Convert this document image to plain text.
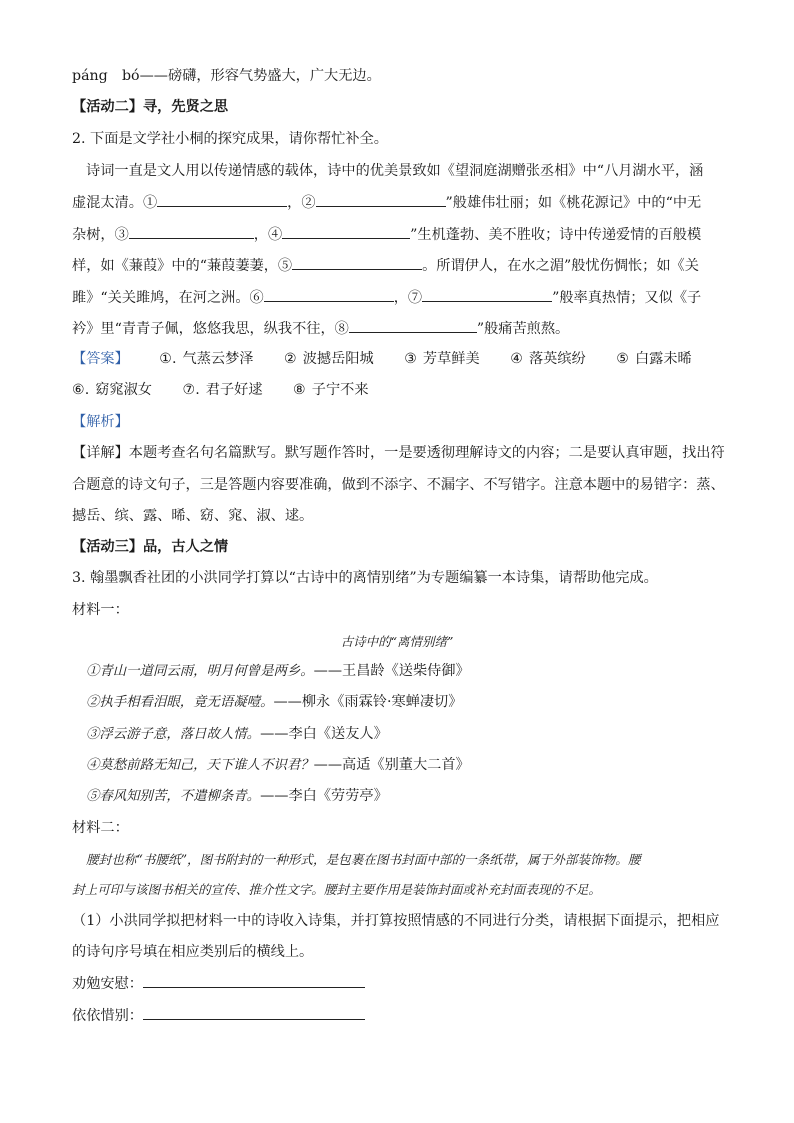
páng　bó——磅礴，形容气势盛大，广大无边。
【活动二】寻，先贤之思
2. 下面是文学社小桐的探究成果，请你帮忙补全。
诗词一直是文人用以传递情感的载体，诗中的优美景致如《望洞庭湖赠张丞相》中“八月湖水平，涵
虚混太清。①	，②	”般雄伟壮丽；如《桃花源记》中的“中无
杂树，③	，④	”生机蓬勃、美不胜收；诗中传递爱情的百般模
样，如《蒹葭》中的“蒹葭萋萋，⑤	。所谓伊人，在水之湄”般忧伤惆怅；如《关
雎》“关关雎鸠，在河之洲。⑥	，⑦	”般率真热情；又似《子
衿》里“青青子佩，悠悠我思，纵我不往，⑧	”般痛苦煎熬。
【答案】 ①. 气蒸云梦泽 ② 波撼岳阳城 ③ 芳草鲜美 ④ 落英缤纷 ⑤ 白露未晞
⑥. 窈窕淑女 ⑦. 君子好逑 ⑧ 子宁不来
【解析】
【详解】本题考查名句名篇默写。默写题作答时，一是要透彻理解诗文的内容；二是要认真审题，找出符
合题意的诗文句子，三是答题内容要准确，做到不添字、不漏字、不写错字。注意本题中的易错字：蒸、
撼岳、缤、露、晞、窈、窕、淑、逑。
【活动三】品，古人之情
3. 翰墨飘香社团的小洪同学打算以“古诗中的离情别绪”为专题编纂一本诗集，请帮助他完成。
材料一：
古诗中的“离情别绪”
①青山一道同云雨，明月何曾是两乡。——王昌龄《送柴侍御》
②执手相看泪眼，竟无语凝噎。——柳永《雨霖铃·寒蝉凄切》
③浮云游子意，落日故人情。——李白《送友人》
④莫愁前路无知己，天下谁人不识君？——高适《别董大二首》
⑤春风知别苦，不遣柳条青。——李白《劳劳亭》
材料二：
腰封也称“书腰纸”，图书附封的一种形式，是包裹在图书封面中部的一条纸带，属于外部装饰物。腰
封上可印与该图书相关的宣传、推介性文字。腰封主要作用是装饰封面或补充封面表现的不足。
（1）小洪同学拟把材料一中的诗收入诗集，并打算按照情感的不同进行分类，请根据下面提示，把相应
的诗句序号填在相应类别后的横线上。
劝勉安慰：
依依惜别：
